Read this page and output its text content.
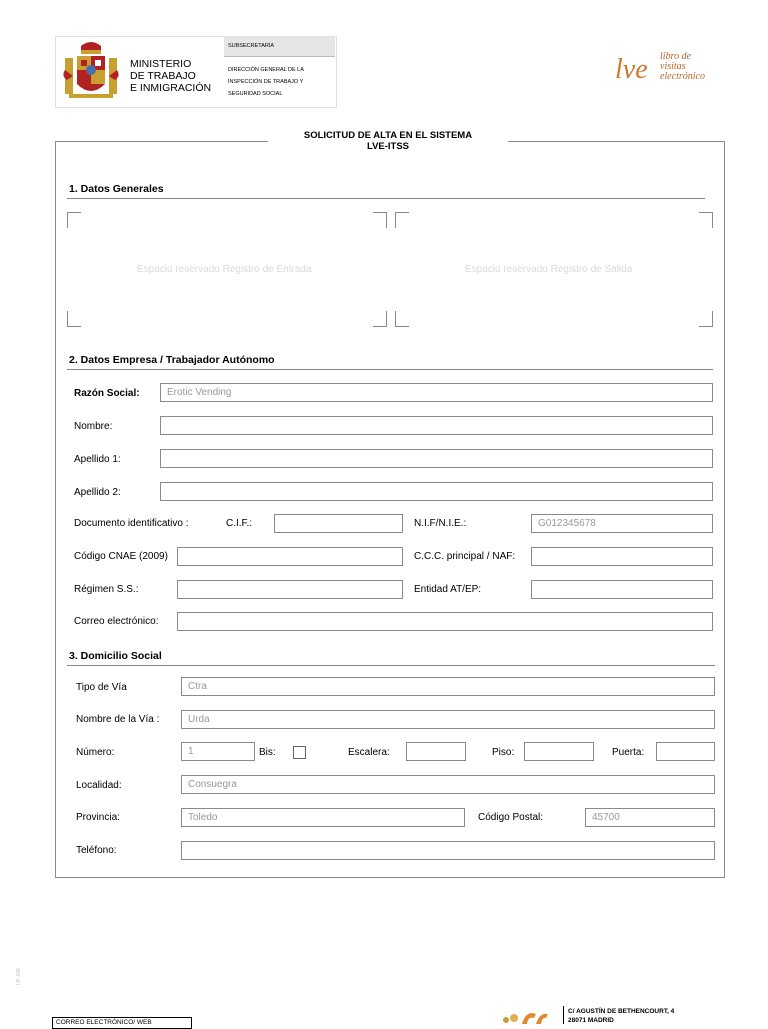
MINISTERIO
DE TRABAJO
E INMIGRACIÓN
SUBSECRETARÍA
DIRECCIÓN GENERAL DE LA
INSPECCIÓN DE TRABAJO Y
SEGURIDAD SOCIAL
lve libro de
visitas
electrónico
SOLICITUD DE ALTA EN EL SISTEMA
LVE-ITSS
1. Datos Generales
Espacio reservado Registro de Entrada	Espacio reservado Registro de Salida
2. Datos Empresa / Trabajador Autónomo
Razón Social:	Erotic Vending
Nombre:
Apellido 1:
Apellido 2:
Documento identificativo :	C.I.F.:	N.I.F/N.I.E.:	G012345678
Código CNAE (2009)	C.C.C. principal / NAF:
Régimen S.S.:	Entidad AT/EP:
Correo electrónico:
3. Domicilio Social
Tipo de Vía	Ctra
Nombre de la Vía :	Urda
Número:	1	Bis:	Escalera:	Piso:	Puerta:
Localidad:	Consuegra
Provincia:	Toledo	Código Postal:	45700
Teléfono:
I.P.-108
CORREO ELECTRÓNICO/ WEB
C/ AGUSTÍN DE BETHENCOURT, 4
28071 MADRID
